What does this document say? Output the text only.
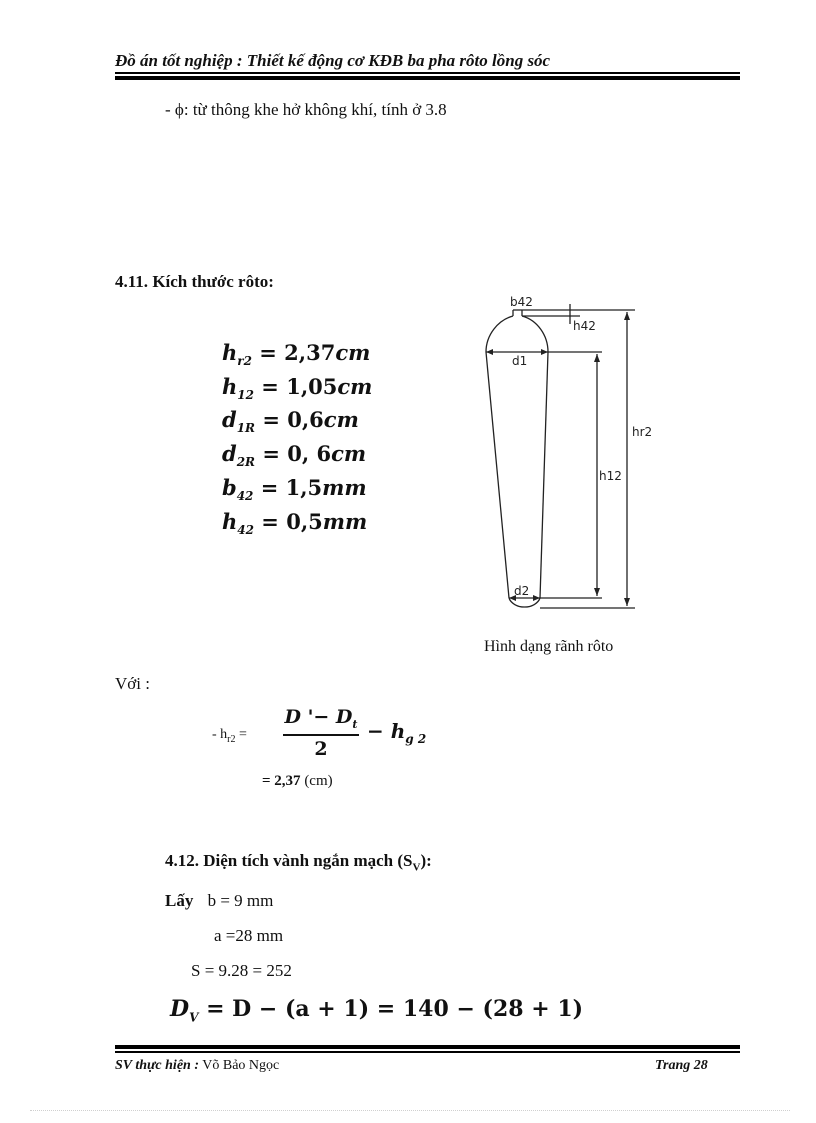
Đồ án tốt nghiệp : Thiết kế động cơ KĐB ba pha rôto lồng sóc
- ϕ: từ thông khe hở không khí, tính ở 3.8
4.11. Kích thước rôto:
$h_{r2} = 2,37cm$
$h_{12} = 1,05cm$
$d_{1R} = 0,6cm$
$d_{2R} = 0$, 6cm
$b_{42} = 1,5mm$
$h_{42} = 0,5mm$
b42
h42
d1
hr2
h12
d2
Hình dạng rãnh rôto
Với :
- $h_{r2}$ =
D '− $D_t$
2
− $h_{g 2}$
= 2,37 (cm)
4.12. Diện tích vành ngắn mạch $(S_V)$:
Lấy b = 9 mm
a =28 mm
S = 9.28 = 252
$D_V = D - (a + 1) = 140 - (28 + 1)$
SV thực hiện : Võ Bảo Ngọc	Trang 28
